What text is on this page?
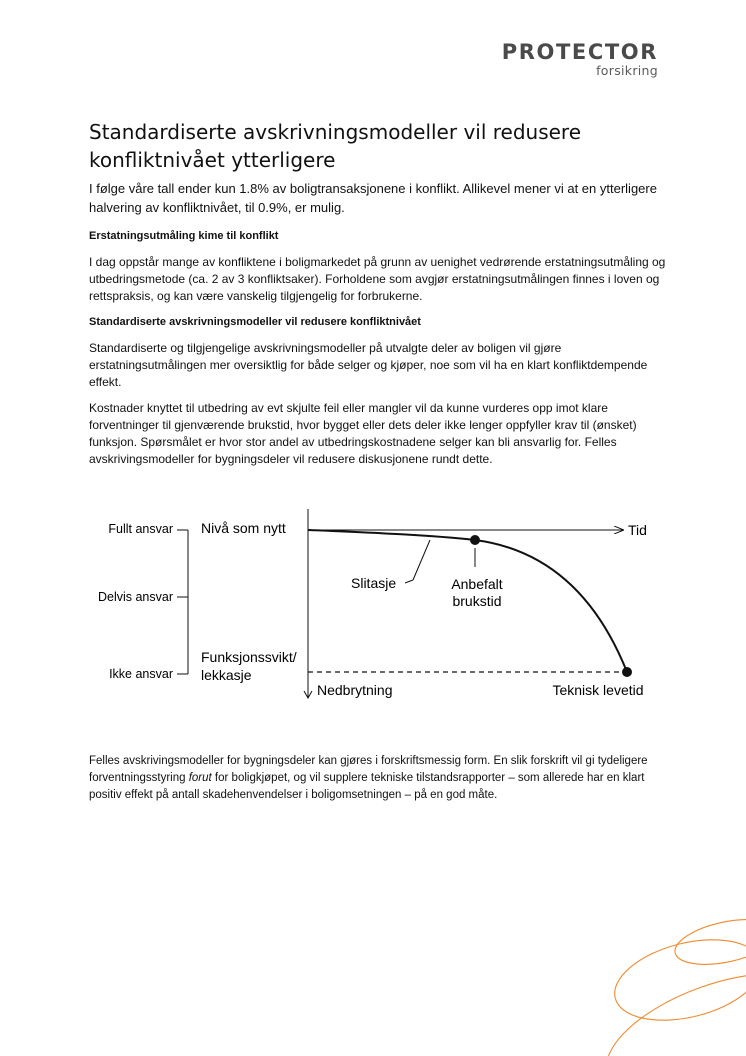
PROTECTOR
forsikring
Standardiserte avskrivningsmodeller vil redusere konfliktnivået ytterligere

I følge våre tall ender kun 1.8% av boligtransaksjonene i konflikt. Allikevel mener vi at en ytterligere halvering av konfliktnivået, til 0.9%, er mulig.

Erstatningsutmåling kime til konflikt

I dag oppstår mange av konfliktene i boligmarkedet på grunn av uenighet vedrørende erstatningsutmåling og utbedringsmetode (ca. 2 av 3 konfliktsaker). Forholdene som avgjør erstatningsutmålingen finnes i loven og rettspraksis, og kan være vanskelig tilgjengelig for forbrukerne.

Standardiserte avskrivningsmodeller vil redusere konfliktnivået

Standardiserte og tilgjengelige avskrivningsmodeller på utvalgte deler av boligen vil gjøre erstatningsutmålingen mer oversiktlig for både selger og kjøper, noe som vil ha en klart konfliktdempende effekt.

Kostnader knyttet til utbedring av evt skjulte feil eller mangler vil da kunne vurderes opp imot klare forventninger til gjenværende brukstid, hvor bygget eller dets deler ikke lenger oppfyller krav til (ønsket) funksjon. Spørsmålet er hvor stor andel av utbedringskostnadene selger kan bli ansvarlig for. Felles avskrivingsmodeller for bygningsdeler vil redusere diskusjonene rundt dette.

Fullt ansvar
Delvis ansvar
Ikke ansvar
Nivå som nytt
Funksjonssvikt/
lekkasje
Tid
Nedbrytning
Slitasje	Anbefalt
brukstid
Teknisk levetid

Felles avskrivingsmodeller for bygningsdeler kan gjøres i forskriftsmessig form. En slik forskrift vil gi tydeligere forventningsstyring forut for boligkjøpet, og vil supplere tekniske tilstandsrapporter – som allerede har en klart positiv effekt på antall skadehenvendelser i boligomsetningen – på en god måte.
